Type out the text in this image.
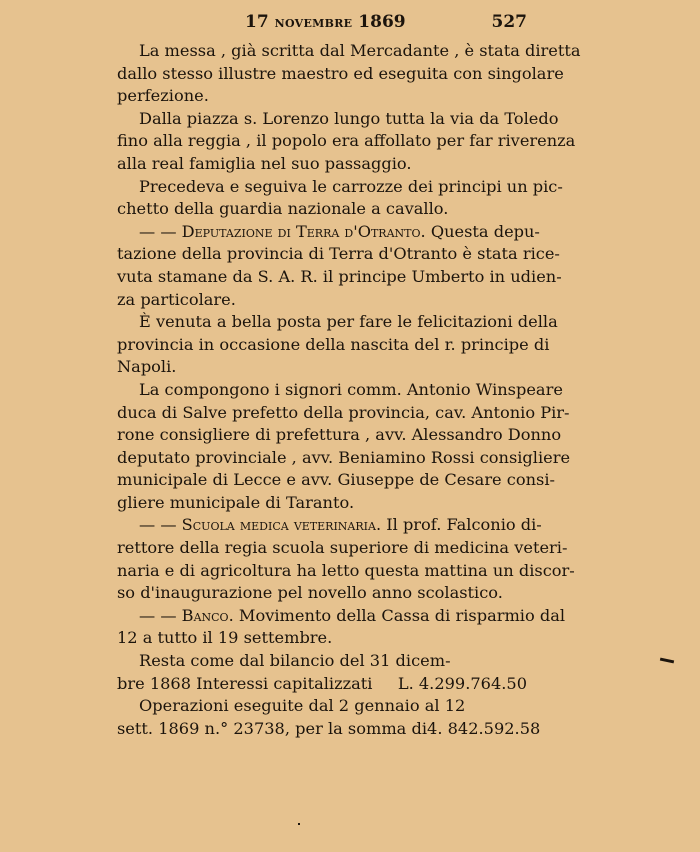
17 novembre 1869	527
La messa , già scritta dal Mercadante , è stata diretta
dallo stesso illustre maestro ed eseguita con singolare
perfezione.
Dalla piazza s. Lorenzo lungo tutta la via da Toledo
fino alla reggia , il popolo era affollato per far riverenza
alla real famiglia nel suo passaggio.
Precedeva e seguiva le carrozze dei principi un pic-
chetto della guardia nazionale a cavallo.
— — Deputazione di Terra d'Otranto. Questa depu-
tazione della provincia di Terra d'Otranto è stata rice-
vuta stamane da S. A. R. il principe Umberto in udien-
za particolare.
È venuta a bella posta per fare le felicitazioni della
provincia in occasione della nascita del r. principe di
Napoli.
La compongono i signori comm. Antonio Winspeare
duca di Salve prefetto della provincia, cav. Antonio Pir-
rone consigliere di prefettura , avv. Alessandro Donno
deputato provinciale , avv. Beniamino Rossi consigliere
municipale di Lecce e avv. Giuseppe de Cesare consi-
gliere municipale di Taranto.
— — Scuola medica veterinaria. Il prof. Falconio di-
rettore della regia scuola superiore di medicina veteri-
naria e di agricoltura ha letto questa mattina un discor-
so d'inaugurazione pel novello anno scolastico.
— — Banco. Movimento della Cassa di risparmio dal
12 a tutto il 19 settembre.
Resta come dal bilancio del 31 dicem-
bre 1868 Interessi capitalizzati L. 4.299.764.50
Operazioni eseguite dal 2 gennaio al 12
sett. 1869 n.° 23738, per la somma di 4. 842.592.58
